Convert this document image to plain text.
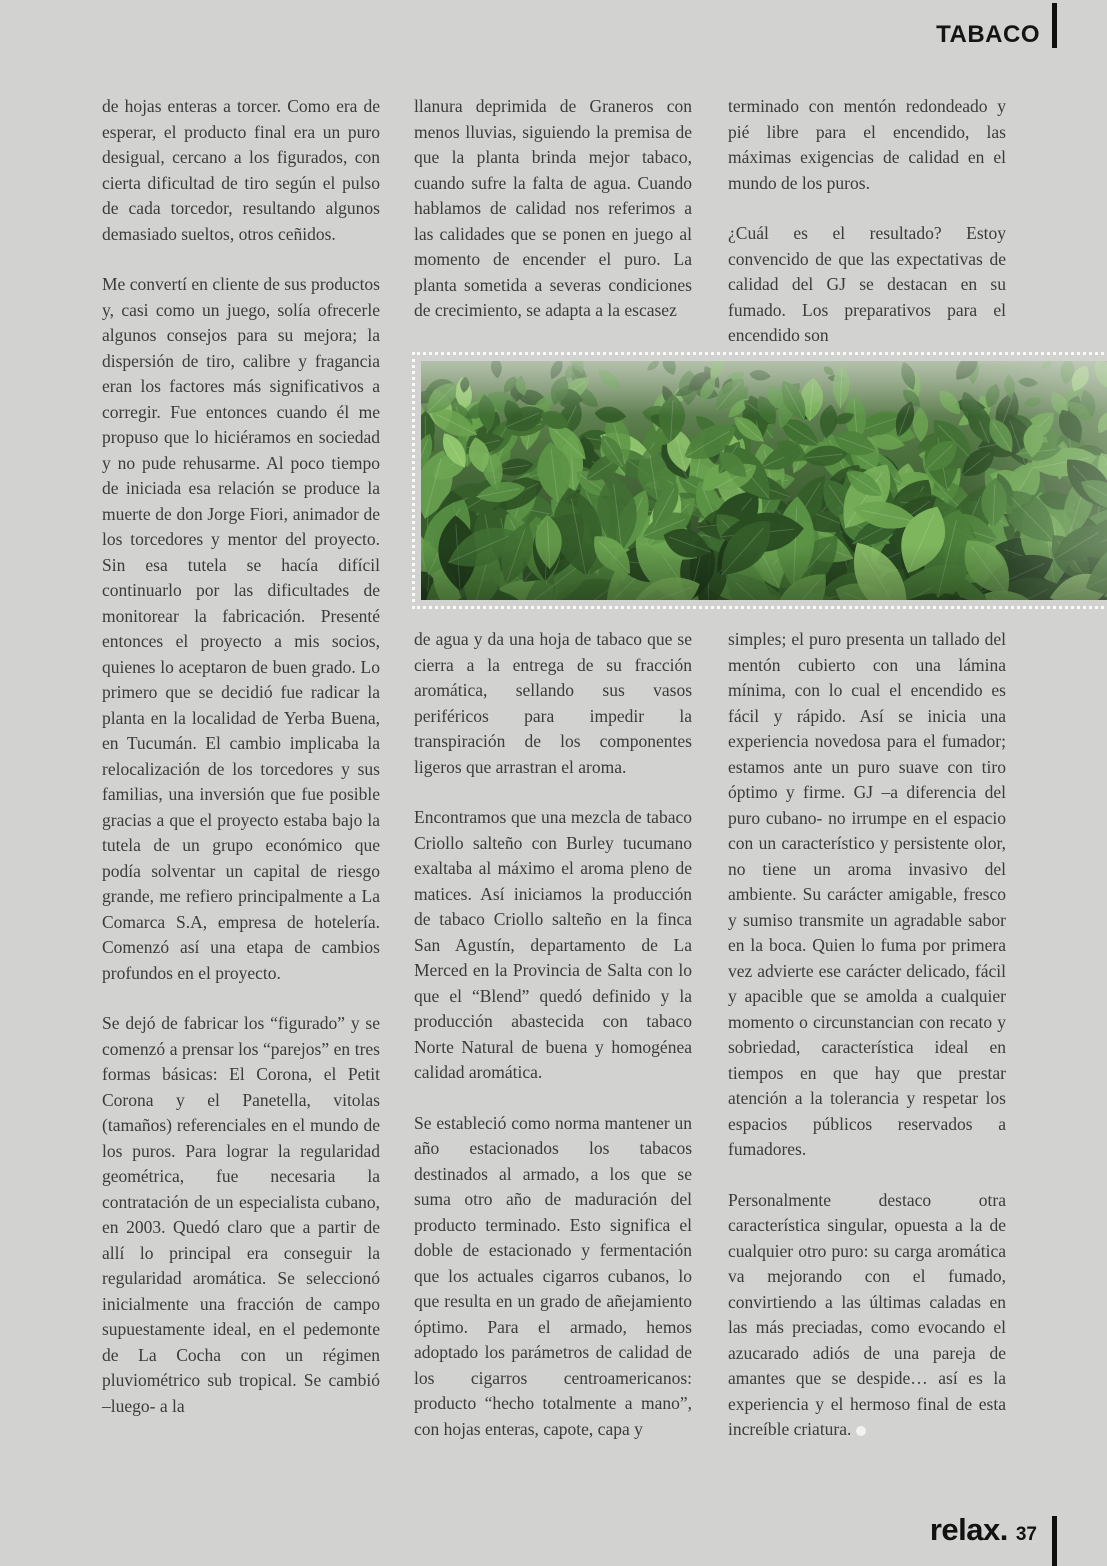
TABACO

de hojas enteras a torcer. Como era de esperar, el producto final era un puro desigual, cercano a los figurados, con cierta dificultad de tiro según el pulso de cada torcedor, resultando algunos demasiado sueltos, otros ceñidos.

Me convertí en cliente de sus productos y, casi como un juego, solía ofrecerle algunos consejos para su mejora; la dispersión de tiro, calibre y fragancia eran los factores más significativos a corregir. Fue entonces cuando él me propuso que lo hiciéramos en sociedad y no pude rehusarme. Al poco tiempo de iniciada esa relación se produce la muerte de don Jorge Fiori, animador de los torcedores y mentor del proyecto. Sin esa tutela se hacía difícil continuarlo por las dificultades de monitorear la fabricación. Presenté entonces el proyecto a mis socios, quienes lo aceptaron de buen grado. Lo primero que se decidió fue radicar la planta en la localidad de Yerba Buena, en Tucumán. El cambio implicaba la relocalización de los torcedores y sus familias, una inversión que fue posible gracias a que el proyecto estaba bajo la tutela de un grupo económico que podía solventar un capital de riesgo grande, me refiero principalmente a La Comarca S.A, empresa de hotelería. Comenzó así una etapa de cambios profundos en el proyecto.

Se dejó de fabricar los “figurado” y se comenzó a prensar los “parejos” en tres formas básicas: El Corona, el Petit Corona y el Panetella, vitolas (tamaños) referenciales en el mundo de los puros. Para lograr la regularidad geométrica, fue necesaria la contratación de un especialista cubano, en 2003. Quedó claro que a partir de allí lo principal era conseguir la regularidad aromática. Se seleccionó inicialmente una fracción de campo supuestamente ideal, en el pedemonte de La Cocha con un régimen pluviométrico sub tropical. Se cambió –luego- a la

llanura deprimida de Graneros con menos lluvias, siguiendo la premisa de que la planta brinda mejor tabaco, cuando sufre la falta de agua. Cuando hablamos de calidad nos referimos a las calidades que se ponen en juego al momento de encender el puro. La planta sometida a severas condiciones de crecimiento, se adapta a la escasez

terminado con mentón redondeado y pié libre para el encendido, las máximas exigencias de calidad en el mundo de los puros.

¿Cuál es el resultado? Estoy convencido de que las expectativas de calidad del GJ se destacan en su fumado. Los preparativos para el encendido son

de agua y da una hoja de tabaco que se cierra a la entrega de su fracción aromática, sellando sus vasos periféricos para impedir la transpiración de los componentes ligeros que arrastran el aroma.

Encontramos que una mezcla de tabaco Criollo salteño con Burley tucumano exaltaba al máximo el aroma pleno de matices. Así iniciamos la producción de tabaco Criollo salteño en la finca San Agustín, departamento de La Merced en la Provincia de Salta con lo que el “Blend” quedó definido y la producción abastecida con tabaco Norte Natural de buena y homogénea calidad aromática.

Se estableció como norma mantener un año estacionados los tabacos destinados al armado, a los que se suma otro año de maduración del producto terminado. Esto significa el doble de estacionado y fermentación que los actuales cigarros cubanos, lo que resulta en un grado de añejamiento óptimo. Para el armado, hemos adoptado los parámetros de calidad de los cigarros centroamericanos: producto “hecho totalmente a mano”, con hojas enteras, capote, capa y

simples; el puro presenta un tallado del mentón cubierto con una lámina mínima, con lo cual el encendido es fácil y rápido. Así se inicia una experiencia novedosa para el fumador; estamos ante un puro suave con tiro óptimo y firme. GJ –a diferencia del puro cubano- no irrumpe en el espacio con un característico y persistente olor, no tiene un aroma invasivo del ambiente. Su carácter amigable, fresco y sumiso transmite un agradable sabor en la boca. Quien lo fuma por primera vez advierte ese carácter delicado, fácil y apacible que se amolda a cualquier momento o circunstancian con recato y sobriedad, característica ideal en tiempos en que hay que prestar atención a la tolerancia y respetar los espacios públicos reservados a fumadores.

Personalmente destaco otra característica singular, opuesta a la de cualquier otro puro: su carga aromática va mejorando con el fumado, convirtiendo a las últimas caladas en las más preciadas, como evocando el azucarado adiós de una pareja de amantes que se despide… así es la experiencia y el hermoso final de esta increíble criatura.

relax. 37
